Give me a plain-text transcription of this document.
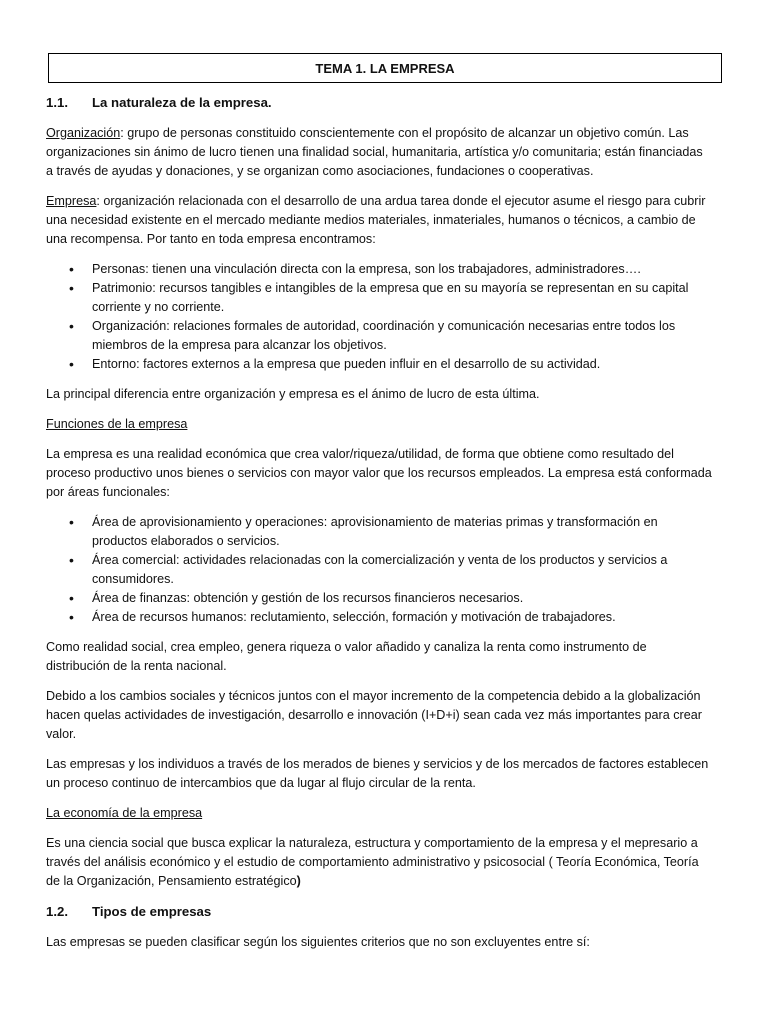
TEMA 1. LA EMPRESA
1.1.	La naturaleza de la empresa.

Organización: grupo de personas constituido conscientemente con el propósito de alcanzar un objetivo común. Las organizaciones sin ánimo de lucro tienen una finalidad social, humanitaria, artística y/o comunitaria; están financiadas a través de ayudas y donaciones, y se organizan como asociaciones, fundaciones o cooperativas.

Empresa: organización relacionada con el desarrollo de una ardua tarea donde el ejecutor asume el riesgo para cubrir una necesidad existente en el mercado mediante medios materiales, inmateriales, humanos o técnicos, a cambio de una recompensa. Por tanto en toda empresa encontramos:

• Personas: tienen una vinculación directa con la empresa, son los trabajadores, administradores….
• Patrimonio: recursos tangibles e intangibles de la empresa que en su mayoría se representan en su capital corriente y no corriente.
• Organización: relaciones formales de autoridad, coordinación y comunicación necesarias entre todos los miembros de la empresa para alcanzar los objetivos.
• Entorno: factores externos a la empresa que pueden influir en el desarrollo de su actividad.

La principal diferencia entre organización y empresa es el ánimo de lucro de esta última.

Funciones de la empresa

La empresa es una realidad económica que crea valor/riqueza/utilidad, de forma que obtiene como resultado del proceso productivo unos bienes o servicios con mayor valor que los recursos empleados. La empresa está conformada por áreas funcionales:

• Área de aprovisionamiento y operaciones: aprovisionamiento de materias primas y transformación en productos elaborados o servicios.
• Área comercial: actividades relacionadas con la comercialización y venta de los productos y servicios a consumidores.
• Área de finanzas: obtención y gestión de los recursos financieros necesarios.
• Área de recursos humanos: reclutamiento, selección, formación y motivación de trabajadores.

Como realidad social, crea empleo, genera riqueza o valor añadido y canaliza la renta como instrumento de distribución de la renta nacional.

Debido a los cambios sociales y técnicos juntos con el mayor incremento de la competencia debido a la globalización hacen quelas actividades de investigación, desarrollo e innovación (I+D+i) sean cada vez más importantes para crear valor.

Las empresas y los individuos a través de los merados de bienes y servicios y de los mercados de factores establecen un proceso continuo de intercambios que da lugar al flujo circular de la renta.

La economía de la empresa

Es una ciencia social que busca explicar la naturaleza, estructura y comportamiento de la empresa y el mepresario a través del análisis económico y el estudio de comportamiento administrativo y psicosocial ( Teoría Económica, Teoría de la Organización, Pensamiento estratégico)

1.2.	Tipos de empresas

Las empresas se pueden clasificar según los siguientes criterios que no son excluyentes entre sí:
